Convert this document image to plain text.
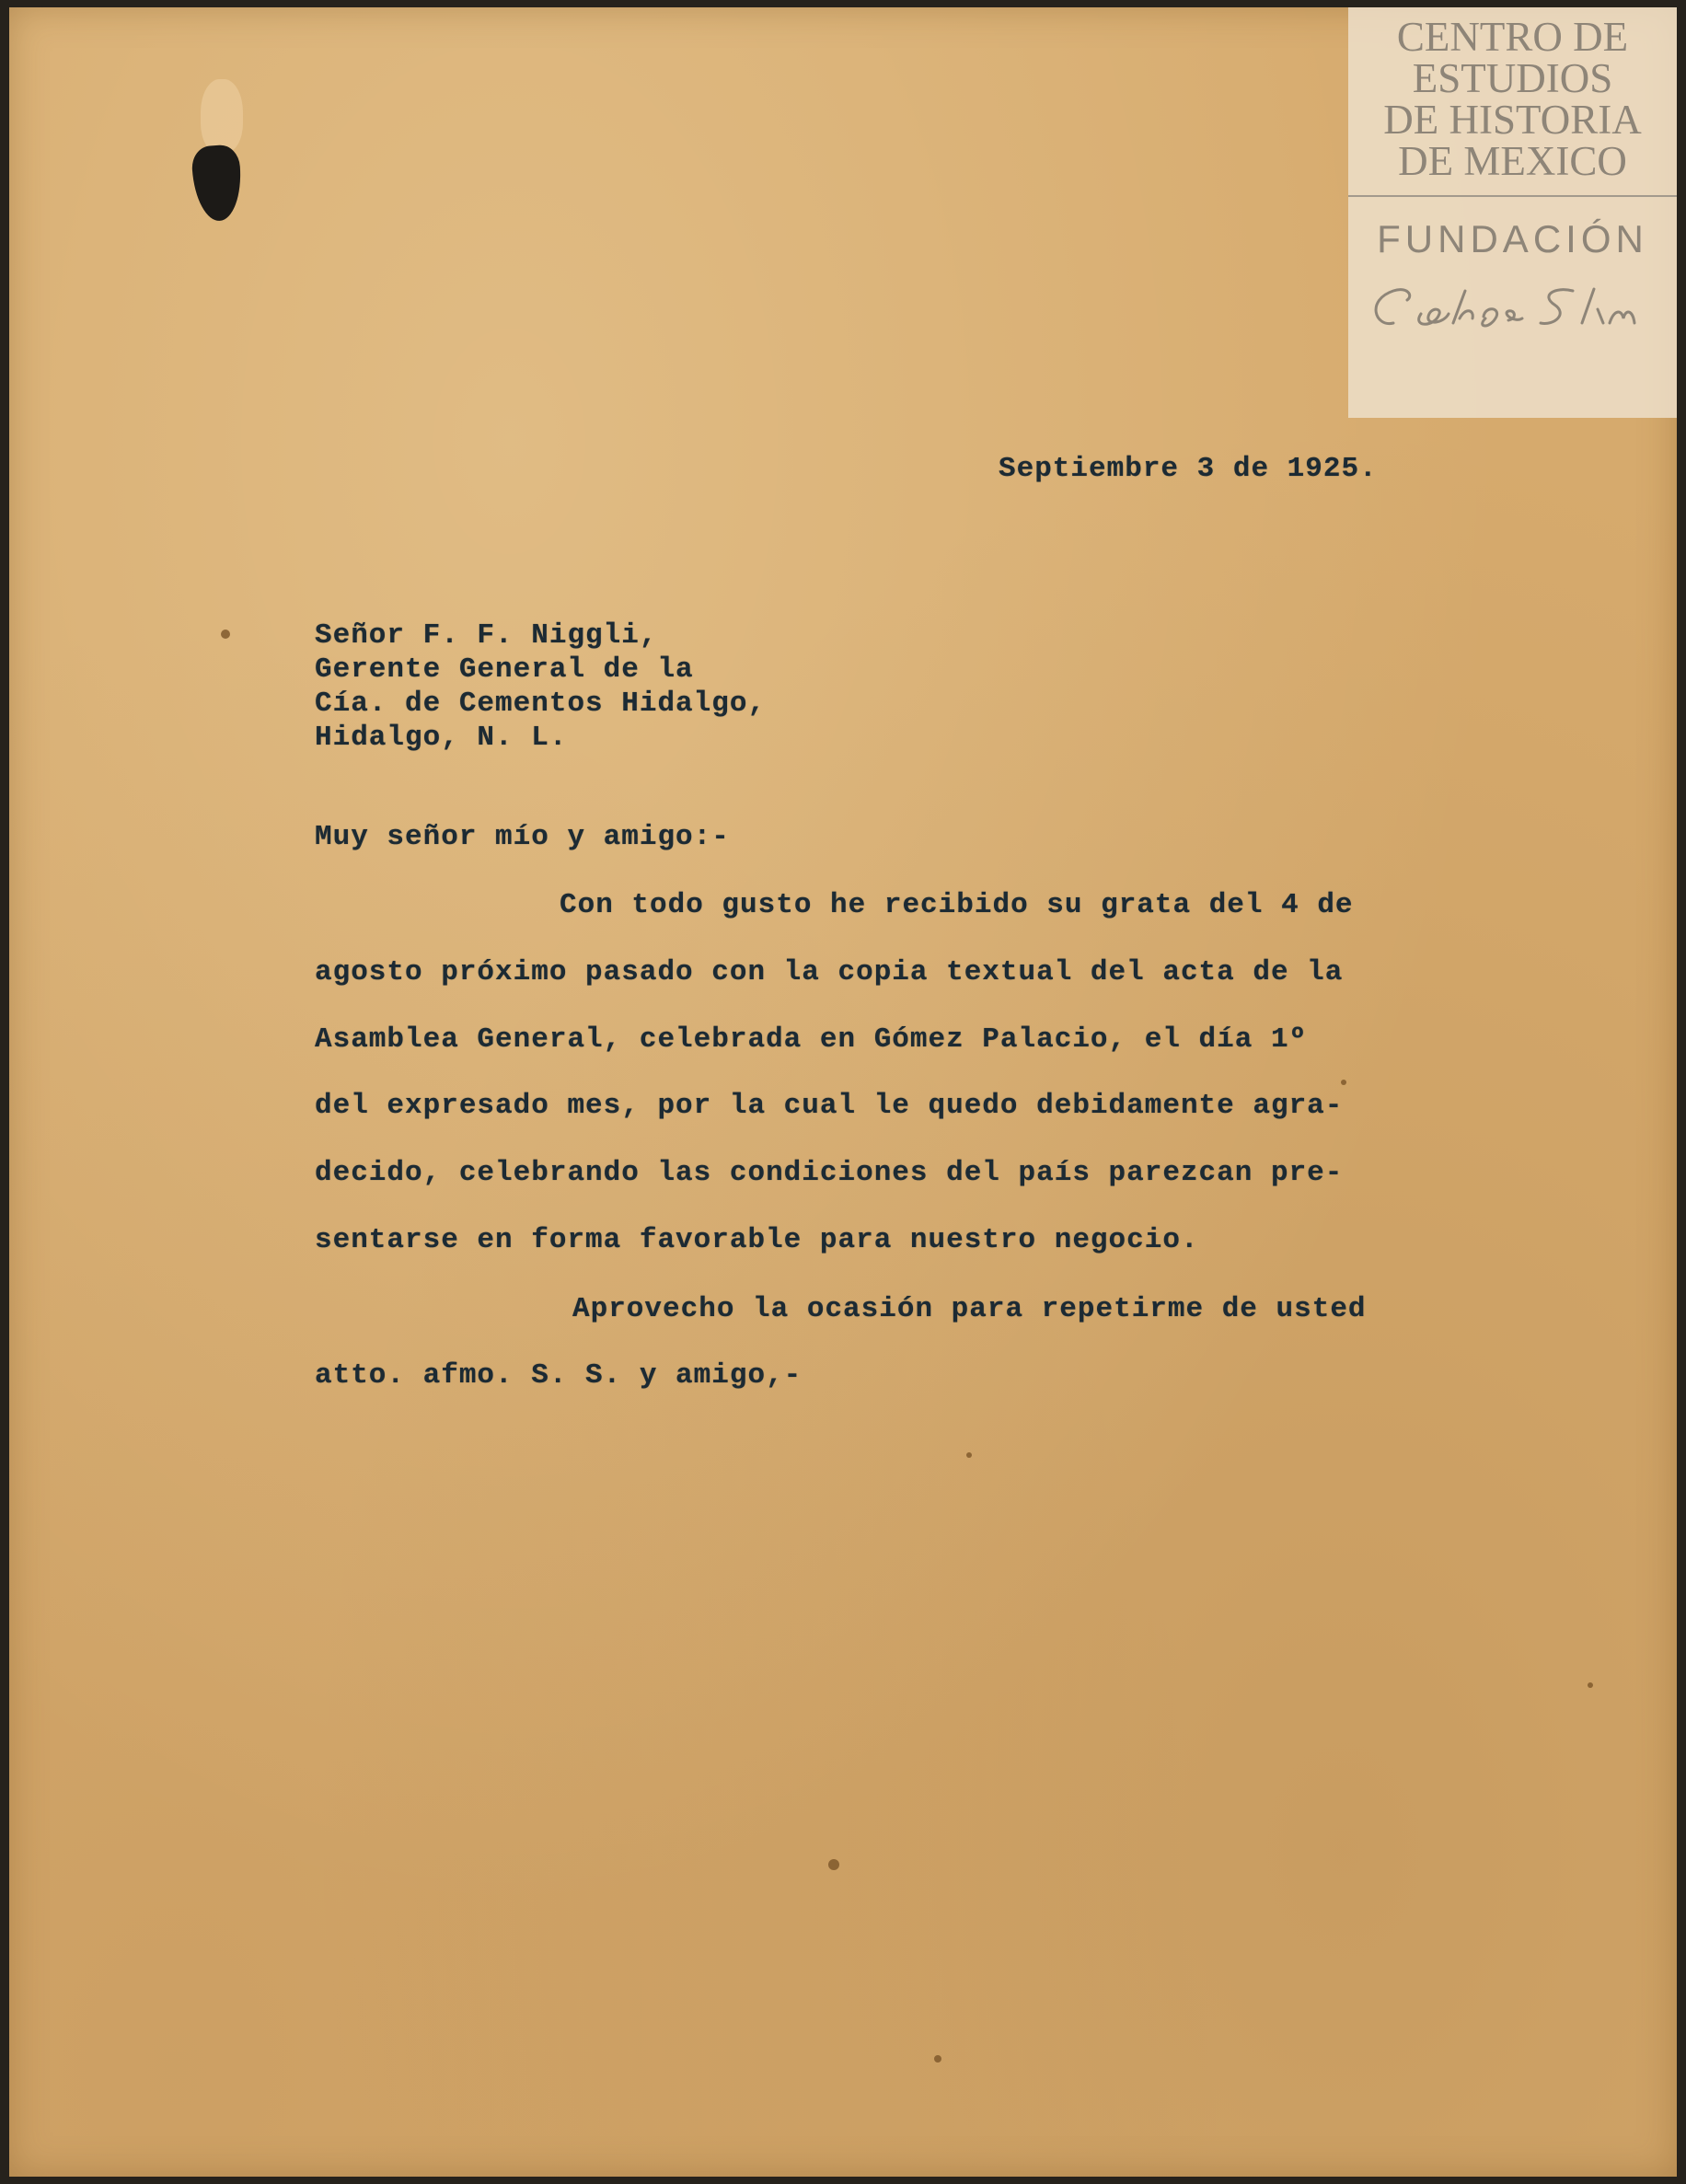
Septiembre 3 de 1925.
Señor F. F. Niggli,
Gerente General de la
Cía. de Cementos Hidalgo,
Hidalgo, N. L.
Muy señor mío y amigo:-
Con todo gusto he recibido su grata del 4 de
agosto próximo pasado con la copia textual del acta de la
Asamblea General, celebrada en Gómez Palacio, el día 1º
del expresado mes, por la cual le quedo debidamente agra-
decido, celebrando las condiciones del país parezcan pre-
sentarse en forma favorable para nuestro negocio.
Aprovecho la ocasión para repetirme de usted
atto. afmo. S. S. y amigo,-
CENTRO DE
ESTUDIOS
DE HISTORIA
DE MEXICO
FUNDACIÓN
